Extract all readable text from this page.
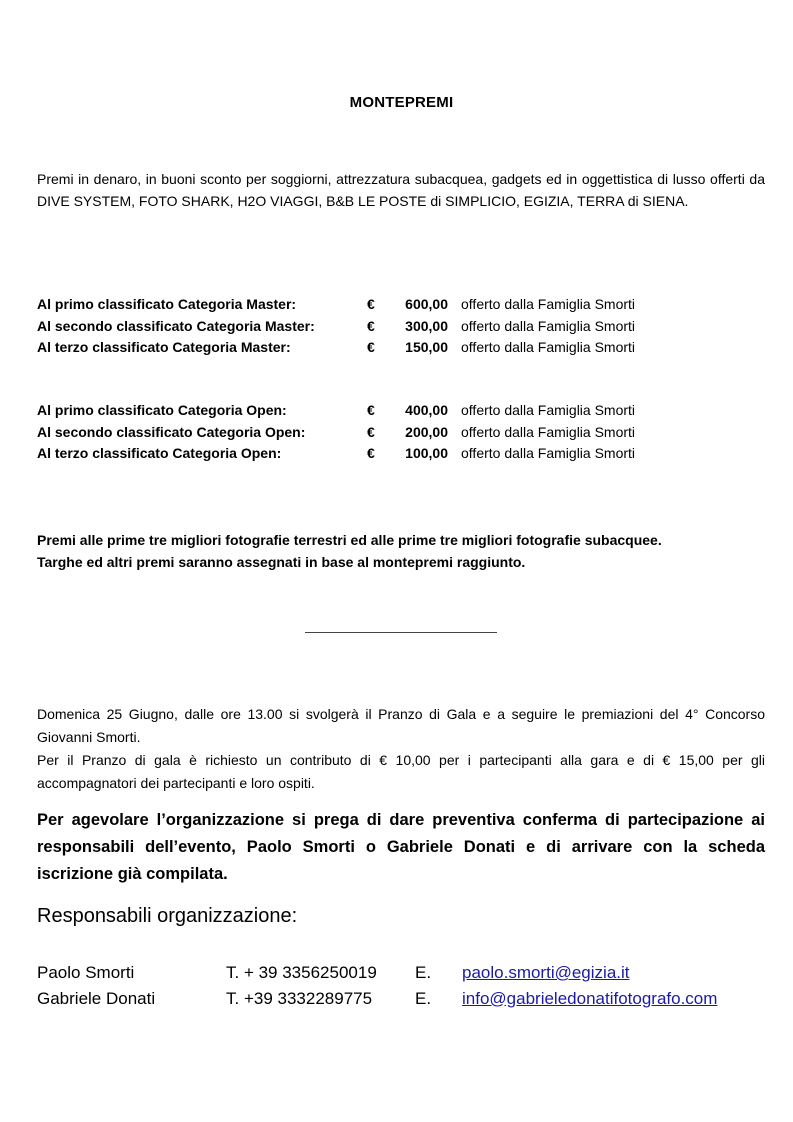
MONTEPREMI
Premi in denaro, in buoni sconto per soggiorni, attrezzatura subacquea, gadgets ed in oggettistica di lusso offerti da DIVE SYSTEM, FOTO SHARK, H2O VIAGGI, B&B LE POSTE di SIMPLICIO, EGIZIA, TERRA di SIENA.
Al primo classificato Categoria Master:	€	600,00 offerto dalla Famiglia Smorti
Al secondo classificato Categoria Master:	€	300,00 offerto dalla Famiglia Smorti
Al terzo classificato Categoria Master:	€	150,00 offerto dalla Famiglia Smorti
Al primo classificato Categoria Open:	€	400,00 offerto dalla Famiglia Smorti
Al secondo classificato Categoria Open:	€	200,00 offerto dalla Famiglia Smorti
Al terzo classificato Categoria Open:	€	100,00 offerto dalla Famiglia Smorti
Premi alle prime tre migliori fotografie terrestri ed alle prime tre migliori fotografie subacquee.
Targhe ed altri premi saranno assegnati in base al montepremi raggiunto.

Domenica 25 Giugno, dalle ore 13.00 si svolgerà il Pranzo di Gala e a seguire le premiazioni del 4° Concorso Giovanni Smorti.

Per il Pranzo di gala è richiesto un contributo di € 10,00 per i partecipanti alla gara e di € 15,00 per gli accompagnatori dei partecipanti e loro ospiti.

Per agevolare l’organizzazione si prega di dare preventiva conferma di partecipazione ai responsabili dell’evento, Paolo Smorti o Gabriele Donati e di arrivare con la scheda iscrizione già compilata.
Responsabili organizzazione:
Paolo Smorti	T. + 39 3356250019 E. paolo.smorti@egizia.it
Gabriele Donati	T. +39 3332289775	E. info@gabrieledonatifotografo.com
